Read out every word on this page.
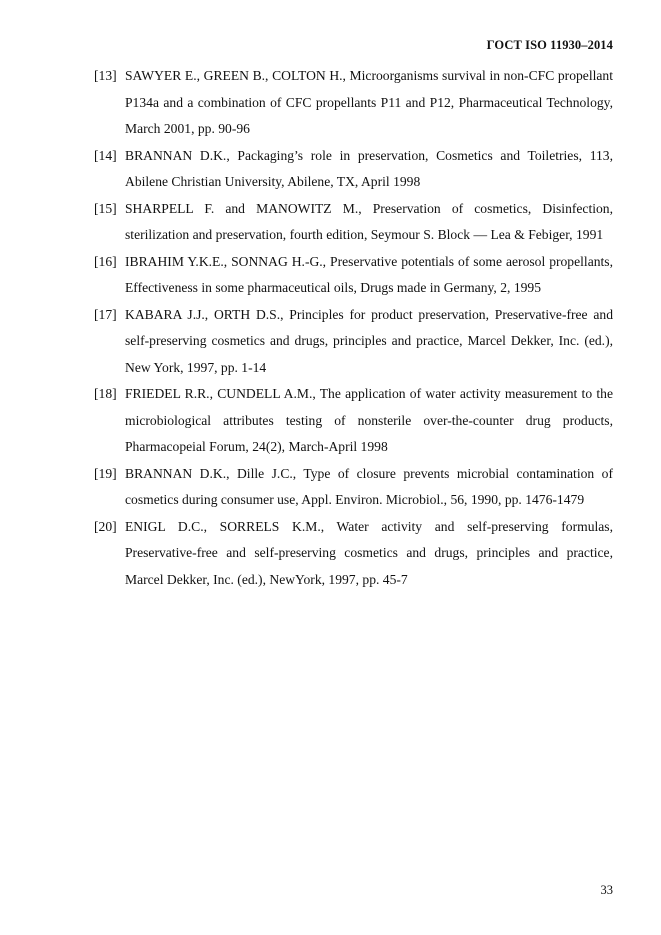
ГОСТ ISO 11930–2014
[13] SAWYER E., GREEN B., COLTON H., Microorganisms survival in non-CFC propellant P134a and a combination of CFC propellants P11 and P12, Pharmaceutical Technology, March 2001, pp. 90-96
[14] BRANNAN D.K., Packaging’s role in preservation, Cosmetics and Toiletries, 113, Abilene Christian University, Abilene, TX, April 1998
[15] SHARPELL F. and MANOWITZ M., Preservation of cosmetics, Disinfection, sterilization and preservation, fourth edition, Seymour S. Block — Lea & Febiger, 1991
[16] IBRAHIM Y.K.E., SONNAG H.-G., Preservative potentials of some aerosol propellants, Effectiveness in some pharmaceutical oils, Drugs made in Germany, 2, 1995
[17] KABARA J.J., ORTH D.S., Principles for product preservation, Preservative-free and self-preserving cosmetics and drugs, principles and practice, Marcel Dekker, Inc. (ed.), New York, 1997, pp. 1-14
[18] FRIEDEL R.R., CUNDELL A.M., The application of water activity measurement to the microbiological attributes testing of nonsterile over-the-counter drug products, Pharmacopeial Forum, 24(2), March-April 1998
[19] BRANNAN D.K., Dille J.C., Type of closure prevents microbial contamination of cosmetics during consumer use, Appl. Environ. Microbiol., 56, 1990, pp. 1476-1479
[20] ENIGL D.C., SORRELS K.M., Water activity and self-preserving formulas, Preservative-free and self-preserving cosmetics and drugs, principles and practice, Marcel Dekker, Inc. (ed.), NewYork, 1997, pp. 45-7
33
